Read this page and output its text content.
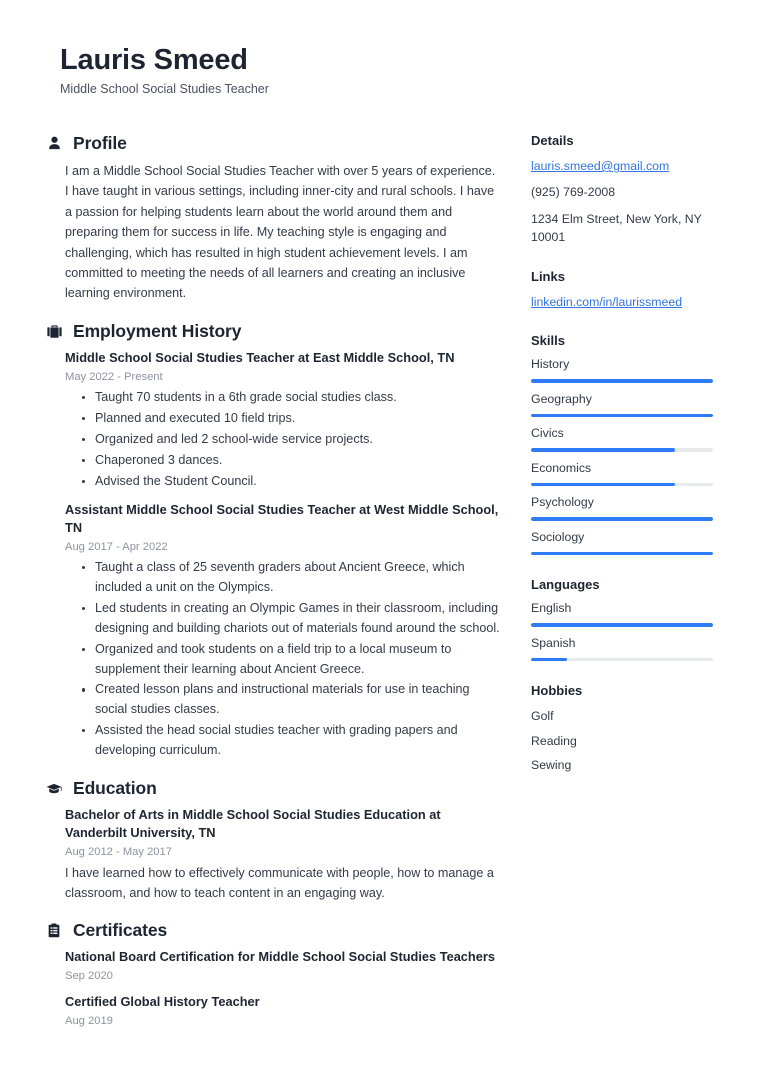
Lauris Smeed
Middle School Social Studies Teacher
Profile
I am a Middle School Social Studies Teacher with over 5 years of experience. I have taught in various settings, including inner-city and rural schools. I have a passion for helping students learn about the world around them and preparing them for success in life. My teaching style is engaging and challenging, which has resulted in high student achievement levels. I am committed to meeting the needs of all learners and creating an inclusive learning environment.
Employment History
Middle School Social Studies Teacher at East Middle School, TN
May 2022 - Present
Taught 70 students in a 6th grade social studies class.
Planned and executed 10 field trips.
Organized and led 2 school-wide service projects.
Chaperoned 3 dances.
Advised the Student Council.
Assistant Middle School Social Studies Teacher at West Middle School, TN
Aug 2017 - Apr 2022
Taught a class of 25 seventh graders about Ancient Greece, which included a unit on the Olympics.
Led students in creating an Olympic Games in their classroom, including designing and building chariots out of materials found around the school.
Organized and took students on a field trip to a local museum to supplement their learning about Ancient Greece.
Created lesson plans and instructional materials for use in teaching social studies classes.
Assisted the head social studies teacher with grading papers and developing curriculum.
Education
Bachelor of Arts in Middle School Social Studies Education at Vanderbilt University, TN
Aug 2012 - May 2017
I have learned how to effectively communicate with people, how to manage a classroom, and how to teach content in an engaging way.
Certificates
National Board Certification for Middle School Social Studies Teachers
Sep 2020
Certified Global History Teacher
Aug 2019
Details
lauris.smeed@gmail.com
(925) 769-2008
1234 Elm Street, New York, NY 10001
Links
linkedin.com/in/laurissmeed
Skills
History
Geography
Civics
Economics
Psychology
Sociology
Languages
English
Spanish
Hobbies
Golf
Reading
Sewing
